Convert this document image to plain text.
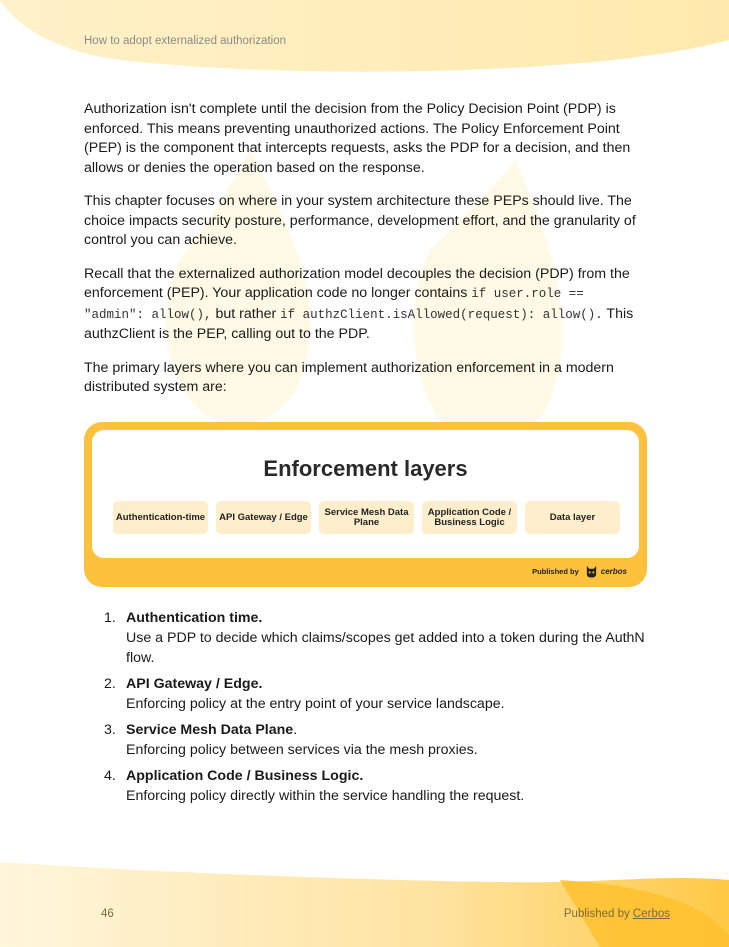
How to adopt externalized authorization

Authorization isn't complete until the decision from the Policy Decision Point (PDP) is enforced. This means preventing unauthorized actions. The Policy Enforcement Point (PEP) is the component that intercepts requests, asks the PDP for a decision, and then allows or denies the operation based on the response.

This chapter focuses on where in your system architecture these PEPs should live. The choice impacts security posture, performance, development effort, and the granularity of control you can achieve.

Recall that the externalized authorization model decouples the decision (PDP) from the enforcement (PEP). Your application code no longer contains if user.role == "admin": allow(), but rather if authzClient.isAllowed(request): allow(). This authzClient is the PEP, calling out to the PDP.

The primary layers where you can implement authorization enforcement in a modern distributed system are:

Enforcement layers
Authentication-time	API Gateway / Edge	Service Mesh Data Plane
Application Code / Business Logic	Data layer
Published by	cerbos
1. Authentication time.
Use a PDP to decide which claims/scopes get added into a token during the AuthN flow.
2. API Gateway / Edge.
Enforcing policy at the entry point of your service landscape.
3. Service Mesh Data Plane.
Enforcing policy between services via the mesh proxies.
4. Application Code / Business Logic.
Enforcing policy directly within the service handling the request.
46	Published by Cerbos
